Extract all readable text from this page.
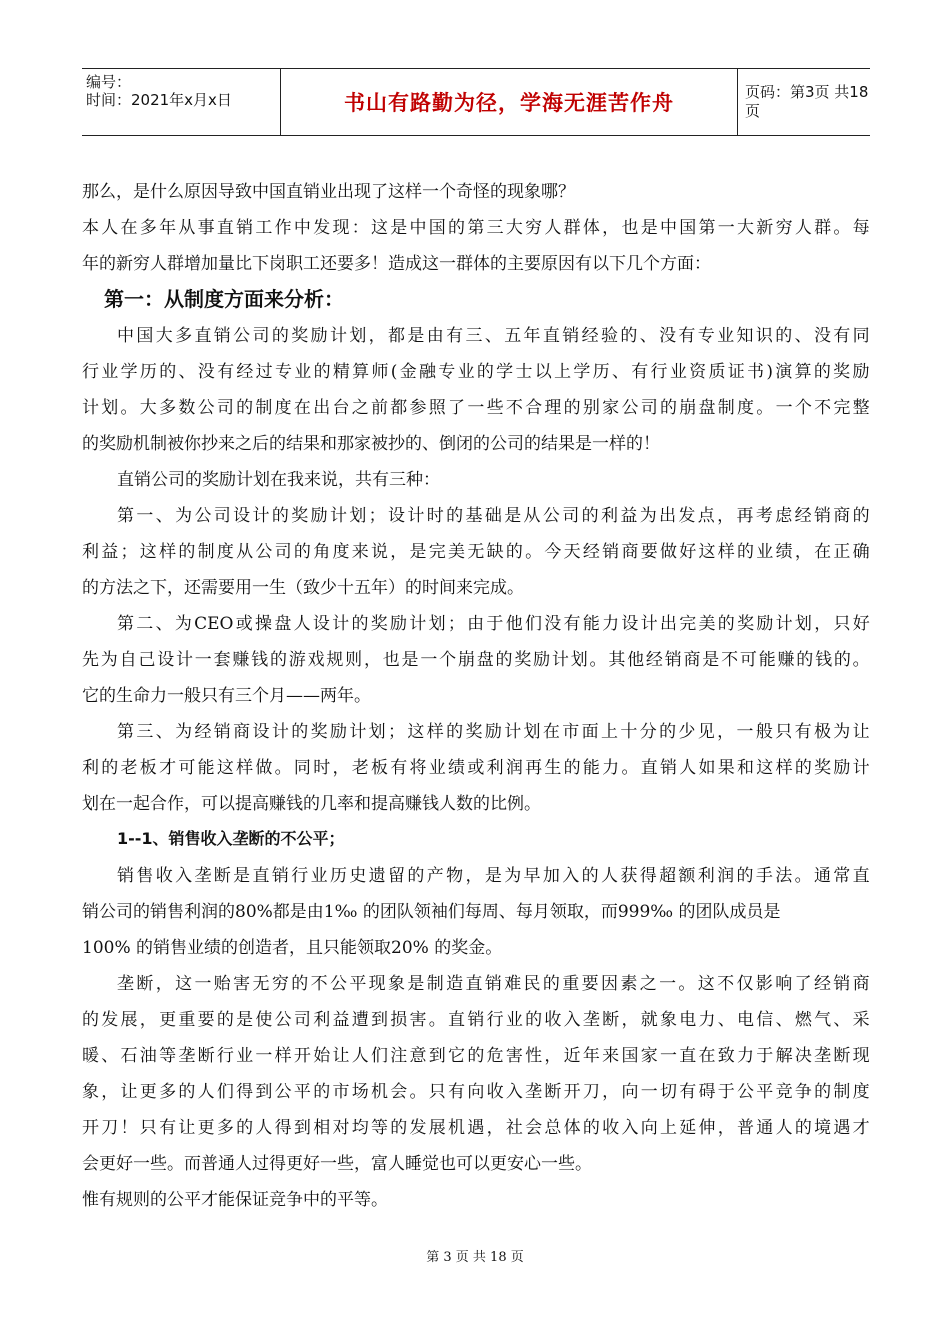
编号：
时间：2021年x月x日	书山有路勤为径，学海无涯苦作舟	页码：第3页 共18页
那么，是什么原因导致中国直销业出现了这样一个奇怪的现象哪？
本 人 在 多 年 从 事 直 销 工 作 中 发 现 ： 这 是 中 国 的 第 三 大 穷 人 群 体 ， 也 是 中 国 第 一 大 新 穷 人 群 。 每
年的新穷人群增加量比下岗职工还要多！造成这一群体的主要原因有以下几个方面：
第一：从制度方面来分析：
中 国 大 多 直 销 公 司 的 奖 励 计 划 ， 都 是 由 有 三 、 五 年 直 销 经 验 的 、 没 有 专 业 知 识 的 、 没 有 同
行 业 学 历 的 、 没 有 经 过 专 业 的 精 算 师 ( 金 融 专 业 的 学 士 以 上 学 历 、 有 行 业 资 质 证 书 ) 演 算 的 奖 励
计 划 。 大 多 数 公 司 的 制 度 在 出 台 之 前 都 参 照 了 一 些 不 合 理 的 别 家 公 司 的 崩 盘 制 度 。 一 个 不 完 整
的奖励机制被你抄来之后的结果和那家被抄的、倒闭的公司的结果是一样的！
直销公司的奖励计划在我来说，共有三种：
第 一 、 为 公 司 设 计 的 奖 励 计 划 ； 设 计 时 的 基 础 是 从 公 司 的 利 益 为 出 发 点 ， 再 考 虑 经 销 商 的
利 益 ； 这 样 的 制 度 从 公 司 的 角 度 来 说 ， 是 完 美 无 缺 的 。 今 天 经 销 商 要 做 好 这 样 的 业 绩 ， 在 正 确
的方法之下，还需要用一生（致少十五年）的时间来完成。
第 二 、 为 CEO 或 操 盘 人 设 计 的 奖 励 计 划 ； 由 于 他 们 没 有 能 力 设 计 出 完 美 的 奖 励 计 划 ， 只 好
先 为 自 己 设 计 一 套 赚 钱 的 游 戏 规 则 ， 也 是 一 个 崩 盘 的 奖 励 计 划 。 其 他 经 销 商 是 不 可 能 赚 的 钱 的 。
它的生命力一般只有三个月——两年。
第 三 、 为 经 销 商 设 计 的 奖 励 计 划 ； 这 样 的 奖 励 计 划 在 市 面 上 十 分 的 少 见 ， 一 般 只 有 极 为 让
利 的 老 板 才 可 能 这 样 做 。 同 时 ， 老 板 有 将 业 绩 或 利 润 再 生 的 能 力 。 直 销 人 如 果 和 这 样 的 奖 励 计
划在一起合作，可以提高赚钱的几率和提高赚钱人数的比例。
1--1、销售收入垄断的不公平；
销 售 收 入 垄 断 是 直 销 行 业 历 史 遗 留 的 产 物 ， 是 为 早 加 入 的 人 获 得 超 额 利 润 的 手 法 。 通 常 直
销公司的销售利润的80%都是由1‰ 的团队领袖们每周、每月领取，而999‰ 的团队成员是
100% 的销售业绩的创造者，且只能领取20% 的奖金。
垄 断 ， 这 一 贻 害 无 穷 的 不 公 平 现 象 是 制 造 直 销 难 民 的 重 要 因 素 之 一 。 这 不 仅 影 响 了 经 销 商
的 发 展 ， 更 重 要 的 是 使 公 司 利 益 遭 到 损 害 。 直 销 行 业 的 收 入 垄 断 ， 就 象 电 力 、 电 信 、 燃 气 、 采
暖 、 石 油 等 垄 断 行 业 一 样 开 始 让 人 们 注 意 到 它 的 危 害 性 ， 近 年 来 国 家 一 直 在 致 力 于 解 决 垄 断 现
象 ， 让 更 多 的 人 们 得 到 公 平 的 市 场 机 会 。 只 有 向 收 入 垄 断 开 刀 ， 向 一 切 有 碍 于 公 平 竞 争 的 制 度
开 刀 ！ 只 有 让 更 多 的 人 得 到 相 对 均 等 的 发 展 机 遇 ， 社 会 总 体 的 收 入 向 上 延 伸 ， 普 通 人 的 境 遇 才
会更好一些。而普通人过得更好一些，富人睡觉也可以更安心一些。
惟有规则的公平才能保证竞争中的平等。
第 3 页 共 18 页
